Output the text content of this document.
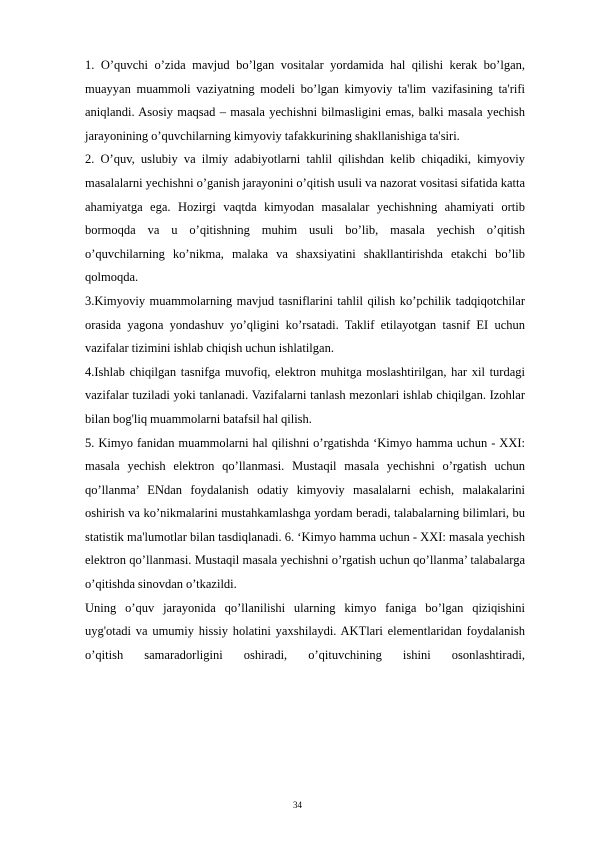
1. O’quvchi o’zida mavjud bo’lgan vositalar yordamida hal qilishi kerak bo’lgan, muayyan muammoli vaziyatning modeli bo’lgan kimyoviy ta'lim vazifasining ta'rifi aniqlandi. Asosiy maqsad – masala yechishni bilmasligini emas, balki masala yechish jarayonining o’quvchilarning kimyoviy tafakkurining shakllanishiga ta'siri.

2. O’quv, uslubiy va ilmiy adabiyotlarni tahlil qilishdan kelib chiqadiki, kimyoviy masalalarni yechishni o’ganish jarayonini o’qitish usuli va nazorat vositasi sifatida katta ahamiyatga ega. Hozirgi vaqtda kimyodan masalalar yechishning ahamiyati ortib bormoqda va u o’qitishning muhim usuli bo’lib, masala yechish o’qitish o’quvchilarning ko’nikma, malaka va shaxsiyatini shakllantirishda etakchi bo’lib qolmoqda.

3.Kimyoviy muammolarning mavjud tasniflarini tahlil qilish ko’pchilik tadqiqotchilar orasida yagona yondashuv yo’qligini ko’rsatadi. Taklif etilayotgan tasnif EI uchun vazifalar tizimini ishlab chiqish uchun ishlatilgan.

4.Ishlab chiqilgan tasnifga muvofiq, elektron muhitga moslashtirilgan, har xil turdagi vazifalar tuziladi yoki tanlanadi. Vazifalarni tanlash mezonlari ishlab chiqilgan. Izohlar bilan bog'liq muammolarni batafsil hal qilish.

5. Kimyo fanidan muammolarni hal qilishni o’rgatishda ‘Kimyo hamma uchun - XXI: masala yechish elektron qo’llanmasi. Mustaqil masala yechishni o’rgatish uchun qo’llanma’ ENdan foydalanish odatiy kimyoviy masalalarni echish, malakalarini oshirish va ko’nikmalarini mustahkamlashga yordam beradi, talabalarning bilimlari, bu statistik ma'lumotlar bilan tasdiqlanadi. 6. ‘Kimyo hamma uchun - XXI: masala yechish elektron qo’llanmasi. Mustaqil masala yechishni o’rgatish uchun qo’llanma’ talabalarga o’qitishda sinovdan o’tkazildi.

Uning o’quv jarayonida qo’llanilishi ularning kimyo faniga bo’lgan qiziqishini uyg'otadi va umumiy hissiy holatini yaxshilaydi. AKTlari elementlaridan foydalanish o’qitish samaradorligini oshiradi, o’qituvchining ishini osonlashtiradi,

34
